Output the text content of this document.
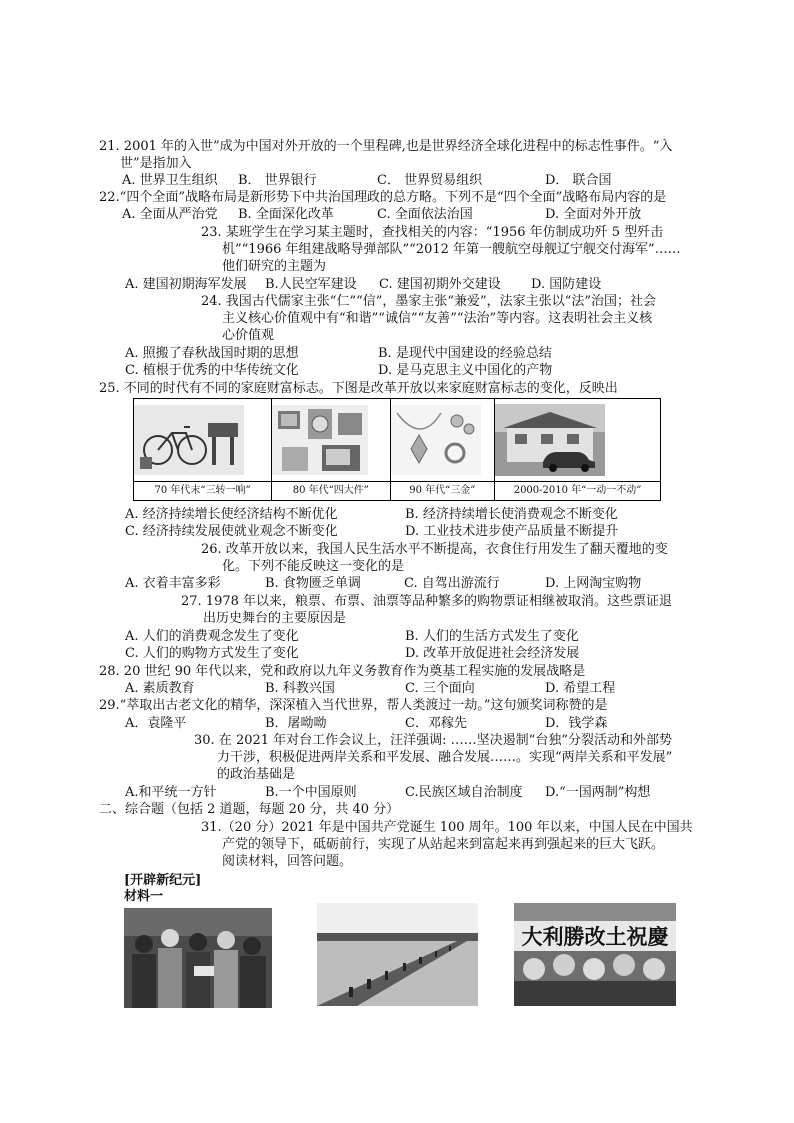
21. 2001 年的入世”成为中国对外开放的一个里程碑,也是世界经济全球化进程中的标志性事件。“入
世”是指加入
A. 世界卫生组织 B． 世界银行	C． 世界贸易组织	D． 联合国
22.“四个全面”战略布局是新形势下中共治国理政的总方略。下列不是“四个全面”战略布局内容的是
A. 全面从严治党 B. 全面深化改革	C. 全面依法治国	D. 全面对外开放
23. 某班学生在学习某主题时，查找相关的内容：“1956 年仿制成功歼 5 型歼击
机”“1966 年组建战略导弹部队”“2012 年第一艘航空母舰辽宁舰交付海军”……
他们研究的主题为
A. 建国初期海军发展 B.人民空军建设 C. 建国初期外交建设 D. 国防建设
24. 我国古代儒家主张“仁”“信”，墨家主张“兼爱”，法家主张以“法”治国；社会
主义核心价值观中有“和谐”“诚信”“友善”“法治”等内容。这表明社会主义核
心价值观
A. 照搬了春秋战国时期的思想	B. 是现代中国建设的经验总结
C. 植根于优秀的中华传统文化	D. 是马克思主义中国化的产物
25. 不同的时代有不同的家庭财富标志。下图是改革开放以来家庭财富标志的变化，反映出

70 年代末“三转一响”	80 年代“四大件”	90 年代“三金”	2000-2010 年“一动一不动”
A. 经济持续增长使经济结构不断优化	B. 经济持续增长使消费观念不断变化
C. 经济持续发展使就业观念不断变化	D. 工业技术进步使产品质量不断提升
26. 改革开放以来，我国人民生活水平不断提高，衣食住行用发生了翻天覆地的变
化。下列不能反映这一变化的是
A. 衣着丰富多彩	B. 食物匮乏单调	C. 自驾出游流行	D. 上网淘宝购物
27. 1978 年以来，粮票、布票、油票等品种繁多的购物票证相继被取消。这些票证退
出历史舞台的主要原因是
A. 人们的消费观念发生了变化	B. 人们的生活方式发生了变化
C. 人们的购物方式发生了变化	D. 改革开放促进社会经济发展
28. 20 世纪 90 年代以来，党和政府以九年义务教育作为奠基工程实施的发展战略是
A. 素质教育	B. 科教兴国	C. 三个面向	D. 希望工程
29.“萃取出古老文化的精华，深深植入当代世界，帮人类渡过一劫。”这句颁奖词称赞的是
A．袁隆平	B．屠呦呦	C．邓稼先	D．钱学森
30. 在 2021 年对台工作会议上，汪洋强调: ……坚决遏制“台独”分裂活动和外部势
力干涉，积极促进两岸关系和平发展、融合发展……。实现“两岸关系和平发展”
的政治基础是
A.和平统一方针	B.一个中国原则	C.民族区域自治制度 D.“一国两制”构想
二、综合题（包括 2 道题，每题 20 分，共 40 分）
31.（20 分）2021 年是中国共产党诞生 100 周年。100 年以来，中国人民在中国共
产党的领导下，砥砺前行，实现了从站起来到富起来再到强起来的巨大飞跃。
阅读材料，回答问题。
[开辟新纪元]
材料一
大利勝改土祝慶
